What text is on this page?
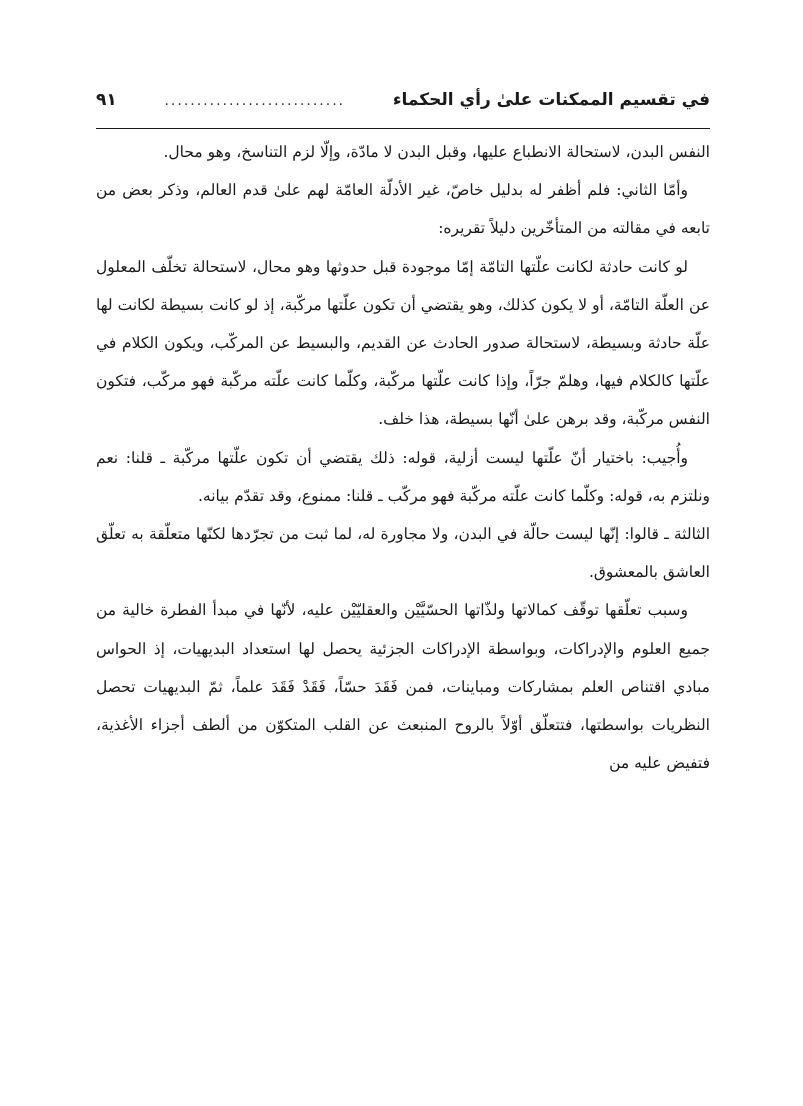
في تقسيم الممكنات علىٰ رأي الحكماء
............................
٩١

النفس البدن، لاستحالة الانطباع عليها، وقبل البدن لا مادّة، وإلّا لزم التناسخ، وهو محال.

وأمّا الثاني: فلم أظفر له بدليل خاصّ، غير الأدلّة العامّة لهم علىٰ قدم العالم، وذكر بعض من تابعه في مقالته من المتأخّرين دليلاً تقريره:

لو كانت حادثة لكانت علّتها التامّة إمّا موجودة قبل حدوثها وهو محال، لاستحالة تخلّف المعلول عن العلّة التامّة، أو لا يكون كذلك، وهو يقتضي أن تكون علّتها مركّبة، إذ لو كانت بسيطة لكانت لها علّة حادثة وبسيطة، لاستحالة صدور الحادث عن القديم، والبسيط عن المركّب، ويكون الكلام في علّتها كالكلام فيها، وهلمّ جرّاً، وإذا كانت علّتها مركّبة، وكلّما كانت علّته مركّبة فهو مركّب، فتكون النفس مركّبة، وقد برهن علىٰ أنّها بسيطة، هذا خلف.

وأُجيب: باختيار أنّ علّتها ليست أزلية، قوله: ذلك يقتضي أن تكون علّتها مركّبة ـ قلنا: نعم ونلتزم به، قوله: وكلّما كانت علّته مركّبة فهو مركّب ـ قلنا: ممنوع، وقد تقدّم بيانه.

الثالثة ـ قالوا: إنّها ليست حالّة في البدن، ولا مجاورة له، لما ثبت من تجرّدها لكنّها متعلّقة به تعلّق العاشق بالمعشوق.

وسبب تعلّقها توقّف كمالاتها ولذّاتها الحسّيَّيْن والعقليّيْن عليه، لأنّها في مبدأ الفطرة خالية من جميع العلوم والإدراكات، وبواسطة الإدراكات الجزئية يحصل لها استعداد البديهيات، إذ الحواس مبادي اقتناص العلم بمشاركات ومباينات، فمن فَقَدَ حسّاً، فَقَدْ فَقَدَ علماً، ثمّ البديهيات تحصل النظريات بواسطتها، فتتعلّق أوّلاً بالروح المنبعث عن القلب المتكوّن من ألطف أجزاء الأغذية، فتفيض عليه من
